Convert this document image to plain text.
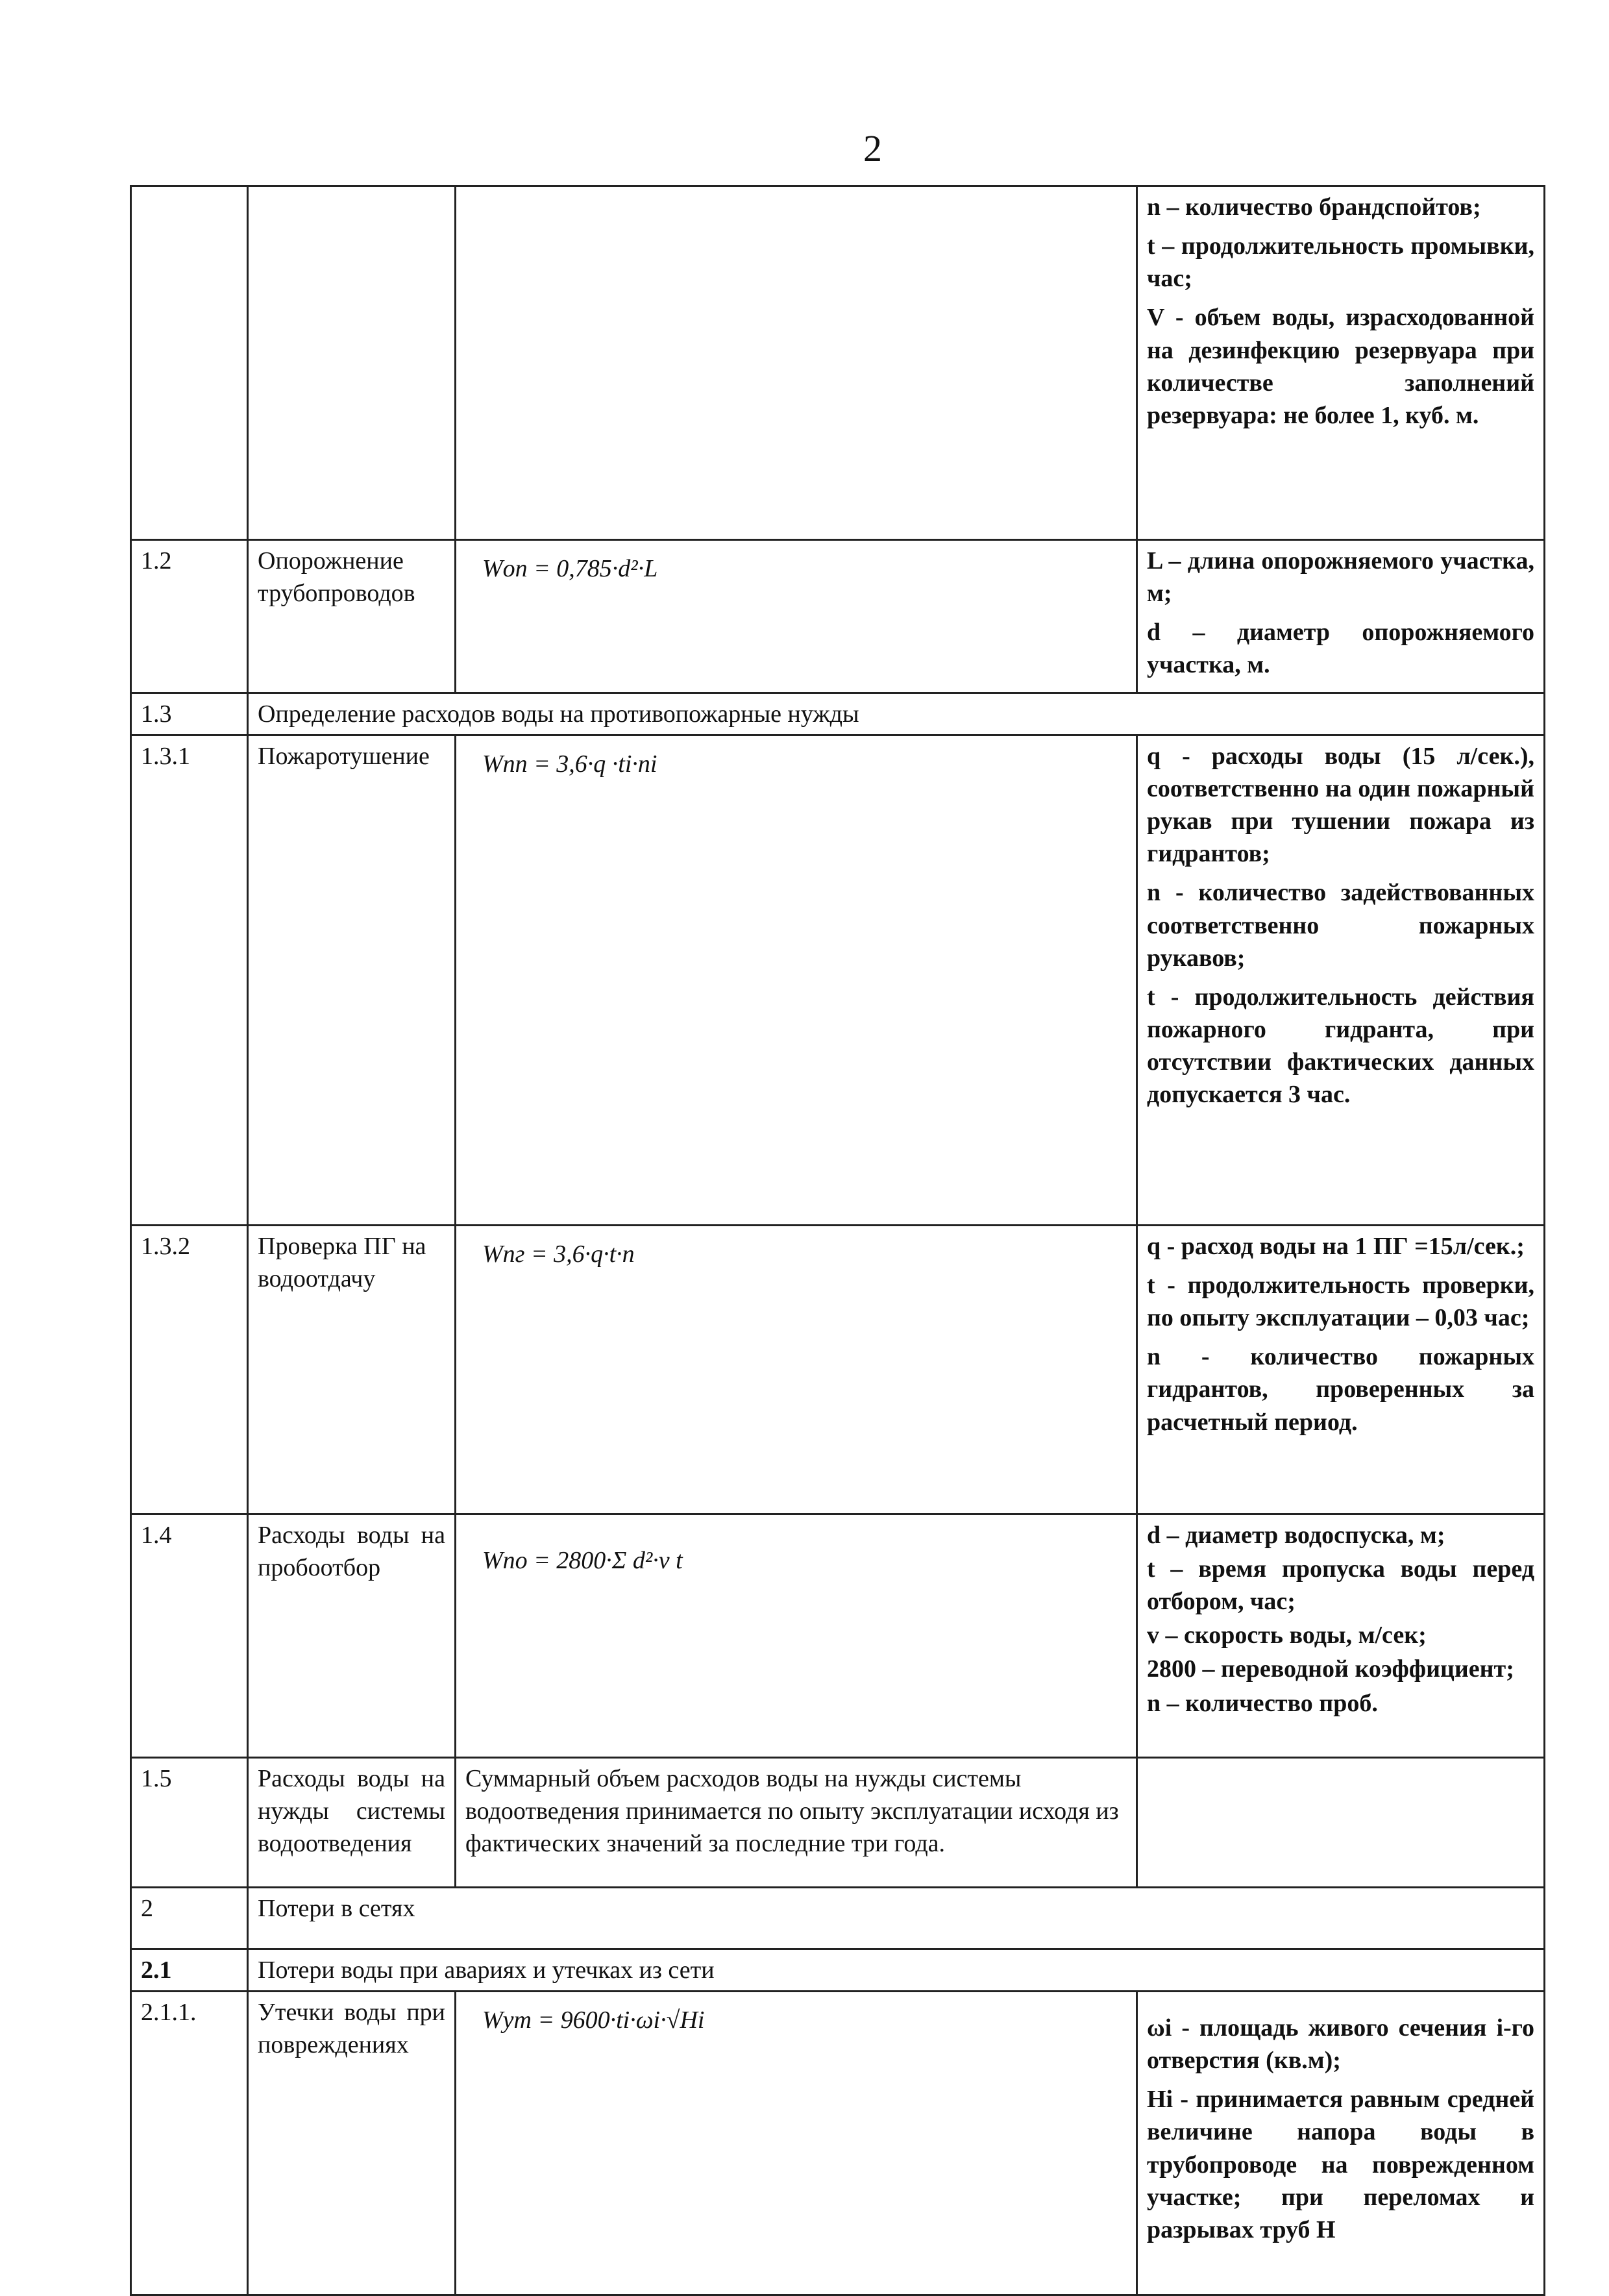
2

			n – количество брандспойтов;

t – продолжительность промывки, час;

V - объем воды, израсходованной на дезинфекцию резервуара при количестве заполнений резервуара: не более 1, куб. м.

1.2	Опорожнение трубопроводов	Wоп = 0,785·d²·L	L – длина опорожняемого участка, м;

d – диаметр опорожняемого участка, м.

1.3	Определение расходов воды на противопожарные нужды		
1.3.1	Пожаротушение	Wпп = 3,6·q ·ti·ni	q - расходы воды (15 л/сек.), соответственно на один пожарный рукав при тушении пожара из гидрантов;

n - количество задействованных соответственно пожарных рукавов;

t - продолжительность действия пожарного гидранта, при отсутствии фактических данных допускается 3 час.

1.3.2	Проверка ПГ на водоотдачу	Wпг = 3,6·q·t·n	q - расход воды на 1 ПГ =15л/сек.;

t - продолжительность проверки, по опыту эксплуатации – 0,03 час;

n - количество пожарных гидрантов, проверенных за расчетный период.

1.4	Расходы воды на пробоотбор	Wпо = 2800·Σ d²·v t	d – диаметр водоспуска, м;

t – время пропуска воды перед отбором, час;

v – скорость воды, м/сек;

2800 – переводной коэффициент;

n – количество проб.

1.5	Расходы воды на нужды системы водоотведения	Суммарный объем расходов воды на нужды системы водоотведения принимается по опыту эксплуатации исходя из фактических значений за последние три года.	
2	Потери в сетях		
2.1	Потери воды при авариях и утечках из сети		
2.1.1.	Утечки воды при повреждениях	Wут = 9600·ti·ωi·√Hi	ωi - площадь живого сечения i-го отверстия (кв.м);

Hi - принимается равным средней величине напора воды в трубопроводе на поврежденном участке; при переломах и разрывах труб Н
